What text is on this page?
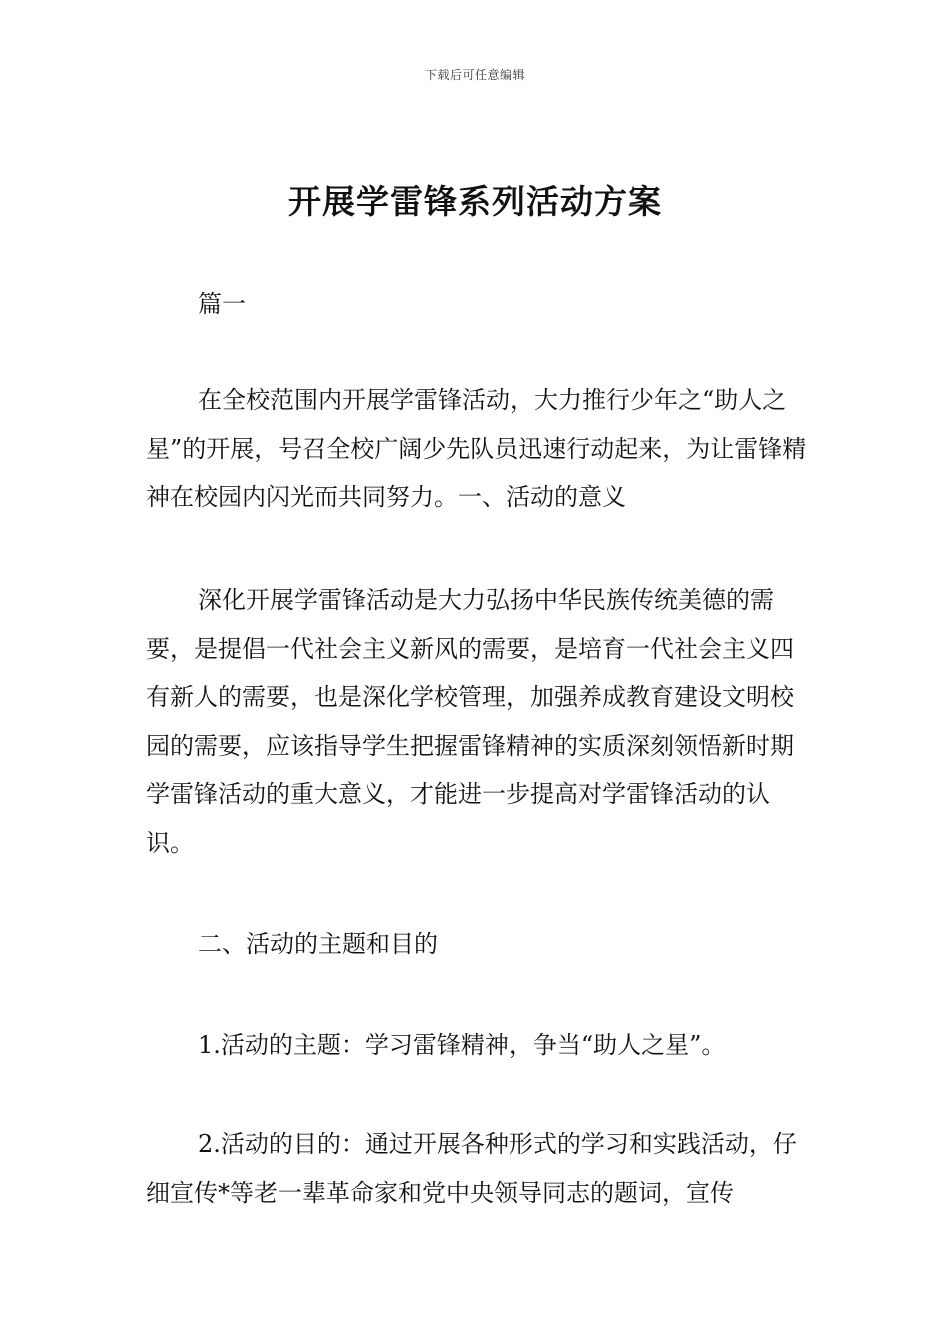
下载后可任意编辑
开展学雷锋系列活动方案

篇一

在全校范围内开展学雷锋活动，大力推行少年之“助人之星”的开展，号召全校广阔少先队员迅速行动起来，为让雷锋精神在校园内闪光而共同努力。一、活动的意义

深化开展学雷锋活动是大力弘扬中华民族传统美德的需要，是提倡一代社会主义新风的需要，是培育一代社会主义四有新人的需要，也是深化学校管理，加强养成教育建设文明校园的需要，应该指导学生把握雷锋精神的实质深刻领悟新时期学雷锋活动的重大意义，才能进一步提高对学雷锋活动的认识。

二、活动的主题和目的

1.活动的主题：学习雷锋精神，争当“助人之星”。

2.活动的目的：通过开展各种形式的学习和实践活动，仔细宣传*等老一辈革命家和党中央领导同志的题词，宣传
